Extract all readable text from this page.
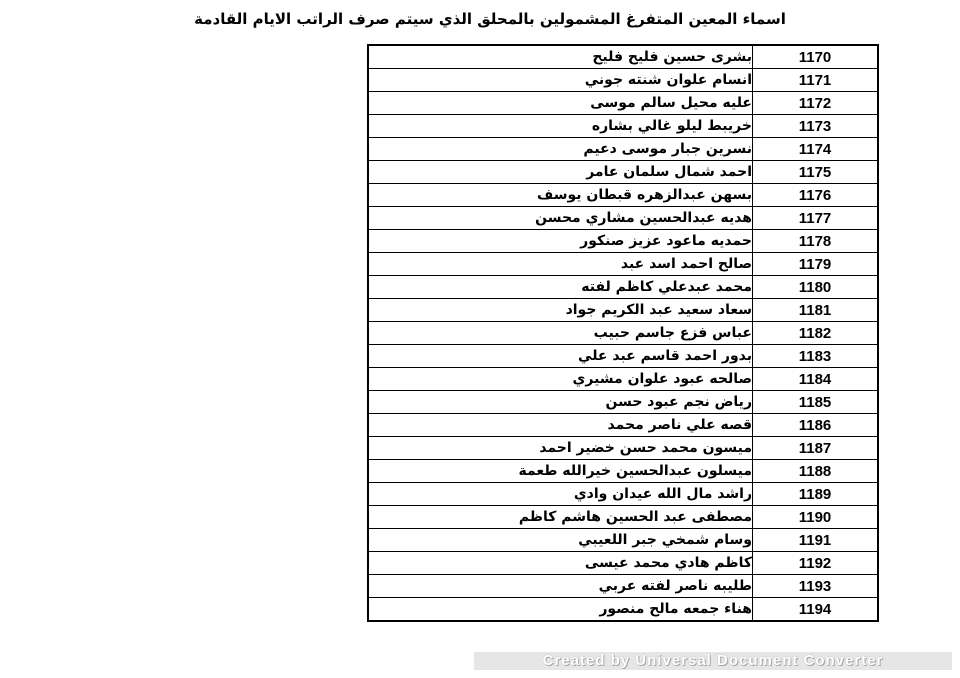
اسماء المعين المتفرغ المشمولين بالمحلق الذي سيتم صرف الراتب الايام القادمة
بشرى حسين فليح فليح	1170
انسام علوان شنته جوني	1171
عليه محيل سالم موسى	1172
خريبط ليلو غالي بشاره	1173
نسرين جبار موسى دعيم	1174
احمد شمال سلمان عامر	1175
بسهن عبدالزهره قبطان يوسف	1176
هديه عبدالحسين مشاري محسن	1177
حمديه ماعود عزيز صنكور	1178
صالح احمد اسد عبد	1179
محمد عبدعلي كاظم لفته	1180
سعاد سعيد عبد الكريم جواد	1181
عباس فزع جاسم حبيب	1182
بدور احمد قاسم عبد علي	1183
صالحه عبود علوان مشيري	1184
رياض نجم عبود حسن	1185
قصه علي ناصر محمد	1186
ميسون محمد حسن خضير احمد	1187
ميسلون عبدالحسين خيرالله طعمة	1188
راشد مال الله عيدان وادي	1189
مصطفى عبد الحسين هاشم كاظم	1190
وسام شمخي جبر اللعيبي	1191
كاظم هادي محمد عيسى	1192
طليبه ناصر لفته عربي	1193
هناء جمعه مالح منصور	1194
Created by Universal Document Converter
